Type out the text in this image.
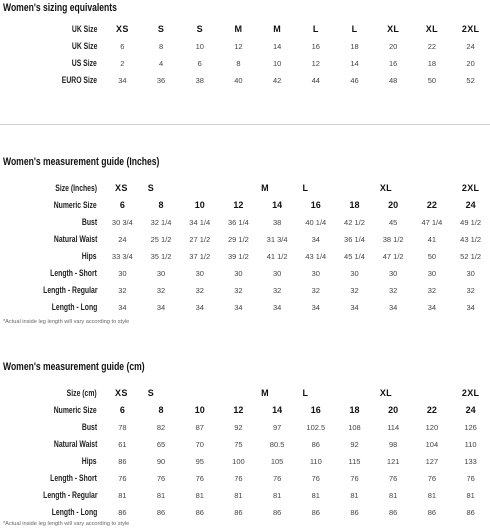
Women's sizing equivalents
UK Size	XS	S	S	M	M	L	L	XL	XL	2XL
UK Size	6	8	10	12	14	16	18	20	22	24
US Size	2	4	6	8	10	12	14	16	18	20
EURO Size	34	36	38	40	42	44	46	48	50	52
Women's measurement guide (Inches)
Size (Inches)	XS	S		M		L		XL		2XL
Numeric Size	6	8	10	12	14	16	18	20	22	24
Bust	30 3/4	32 1/4	34 1/4	36 1/4	38	40 1/4	42 1/2	45	47 1/4	49 1/2
Natural Waist	24	25 1/2	27 1/2	29 1/2	31 3/4	34	36 1/4	38 1/2	41	43 1/2
Hips	33 3/4	35 1/2	37 1/2	39 1/2	41 1/2	43 1/4	45 1/4	47 1/2	50	52 1/2
Length - Short	30	30	30	30	30	30	30	30	30	30
Length - Regular	32	32	32	32	32	32	32	32	32	32
Length - Long	34	34	34	34	34	34	34	34	34	34
*Actual inside leg length will vary according to style
Women's measurement guide (cm)
Size (cm)	XS	S		M		L		XL		2XL
Numeric Size	6	8	10	12	14	16	18	20	22	24
Bust	78	82	87	92	97	102.5	108	114	120	126
Natural Waist	61	65	70	75	80.5	86	92	98	104	110
Hips	86	90	95	100	105	110	115	121	127	133
Length - Short	76	76	76	76	76	76	76	76	76	76
Length - Regular	81	81	81	81	81	81	81	81	81	81
Length - Long	86	86	86	86	86	86	86	86	86	86
*Actual inside leg length will vary according to style
